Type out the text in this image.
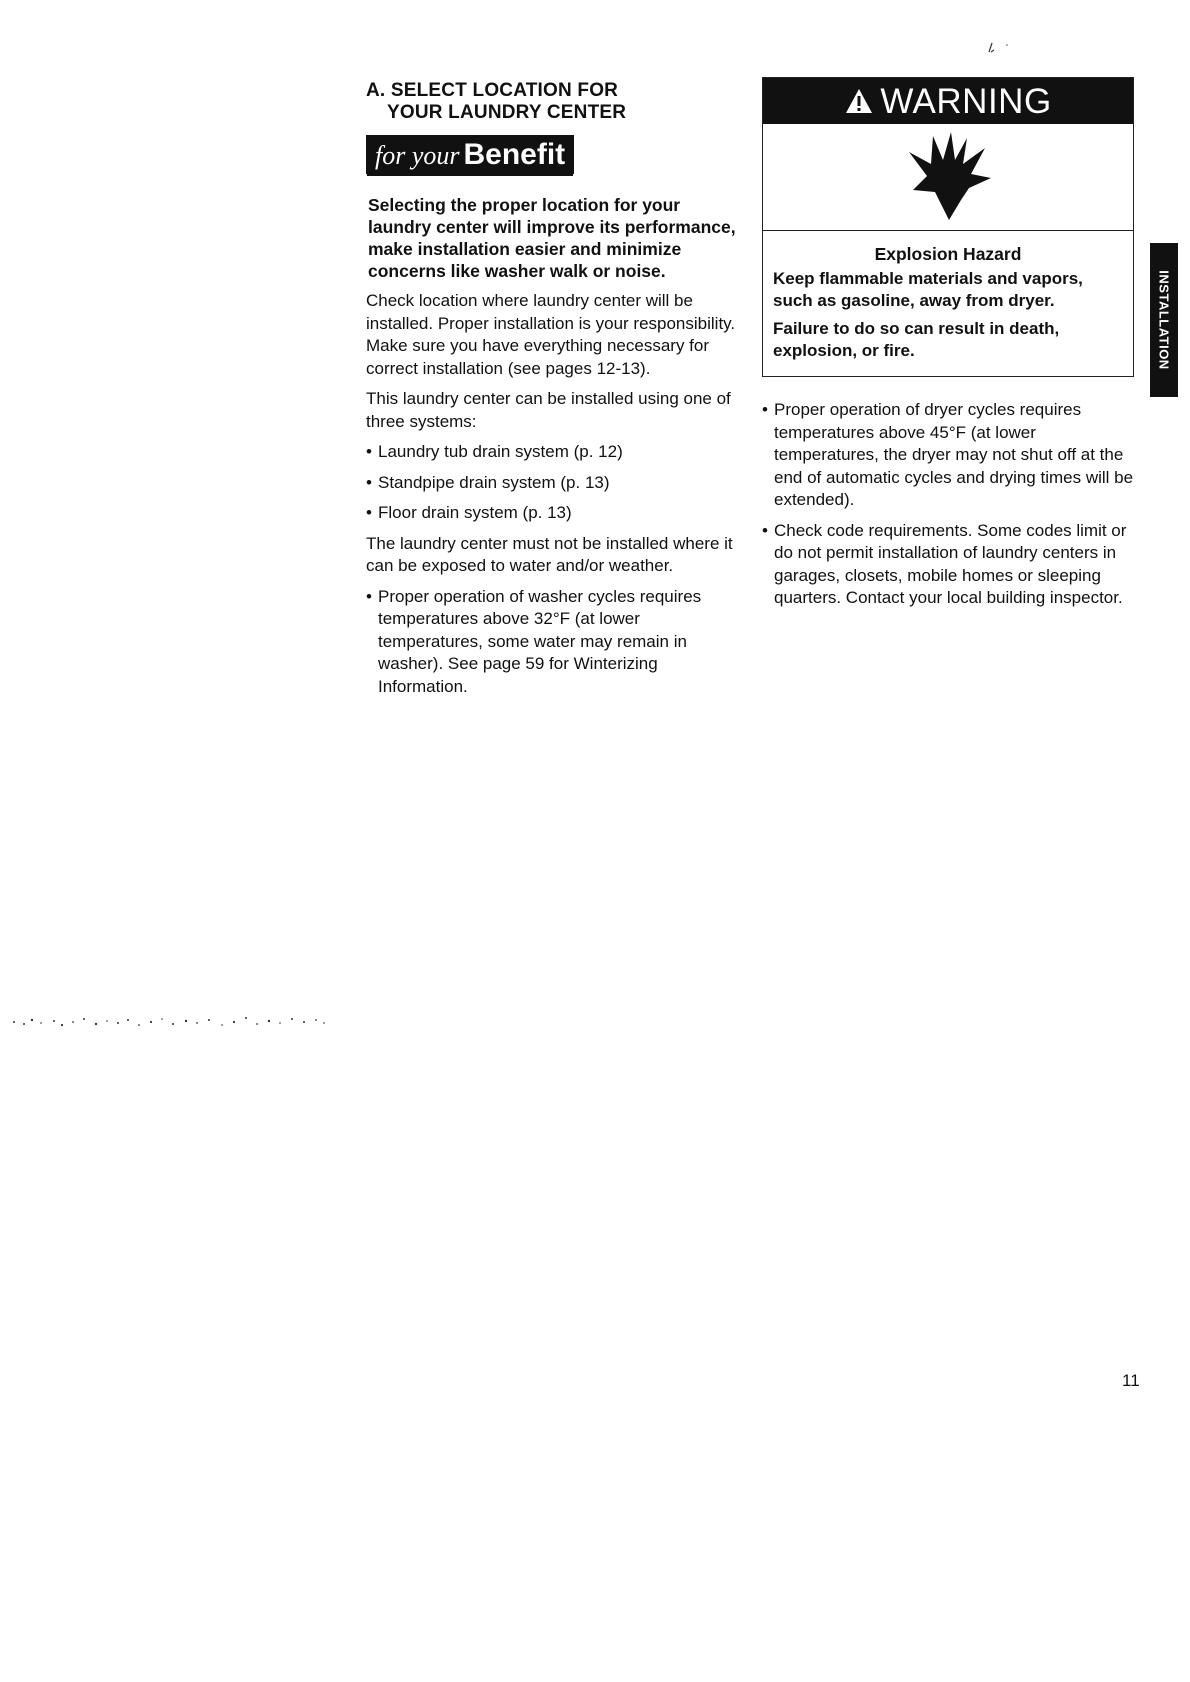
A. SELECT LOCATION FOR
YOUR LAUNDRY CENTER
for your Benefit

Selecting the proper location for your laundry center will improve its performance, make installation easier and minimize concerns like washer walk or noise.

Check location where laundry center will be installed. Proper installation is your responsibility. Make sure you have everything necessary for correct installation (see pages 12-13).

This laundry center can be installed using one of three systems:

• Laundry tub drain system (p. 12)
• Standpipe drain system (p. 13)
• Floor drain system (p. 13)

The laundry center must not be installed where it can be exposed to water and/or weather.

• Proper operation of washer cycles requires temperatures above 32°F (at lower temperatures, some water may remain in washer). See page 59 for Winterizing Information.
WARNING
Explosion Hazard

Keep flammable materials and vapors, such as gasoline, away from dryer.

Failure to do so can result in death, explosion, or fire.

• Proper operation of dryer cycles requires temperatures above 45°F (at lower temperatures, the dryer may not shut off at the end of automatic cycles and drying times will be extended).
• Check code requirements. Some codes limit or do not permit installation of laundry centers in garages, closets, mobile homes or sleeping quarters. Contact your local building inspector.
INSTALLATION
11
